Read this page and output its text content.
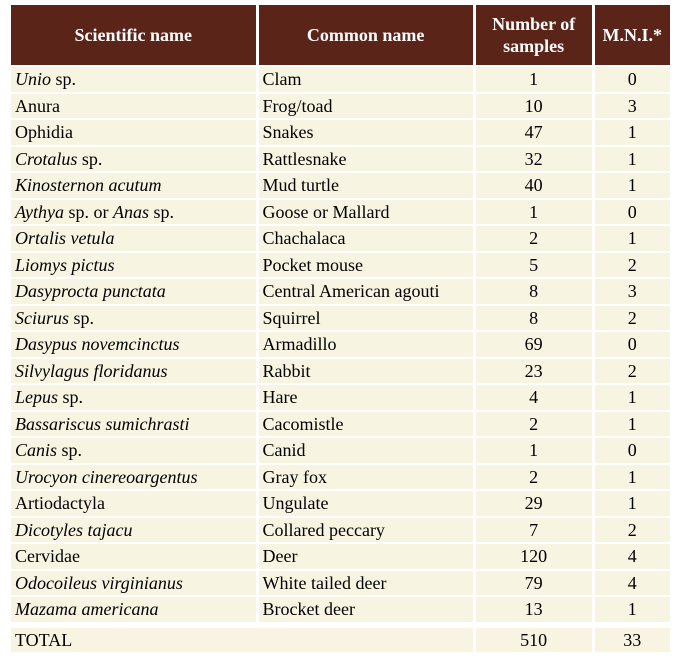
Scientific name	Common name	Number of samples	M.N.I.*
Unio sp.	Clam	1	0
Anura	Frog/toad	10	3
Ophidia	Snakes	47	1
Crotalus sp.	Rattlesnake	32	1
Kinosternon acutum	Mud turtle	40	1
Aythya sp. or Anas sp.	Goose or Mallard	1	0
Ortalis vetula	Chachalaca	2	1
Liomys pictus	Pocket mouse	5	2
Dasyprocta punctata	Central American agouti	8	3
Sciurus sp.	Squirrel	8	2
Dasypus novemcinctus	Armadillo	69	0
Silvylagus floridanus	Rabbit	23	2
Lepus sp.	Hare	4	1
Bassariscus sumichrasti	Cacomistle	2	1
Canis sp.	Canid	1	0
Urocyon cinereoargentus	Gray fox	2	1
Artiodactyla	Ungulate	29	1
Dicotyles tajacu	Collared peccary	7	2
Cervidae	Deer	120	4
Odocoileus virginianus	White tailed deer	79	4
Mazama americana	Brocket deer	13	1

TOTAL		510	33
